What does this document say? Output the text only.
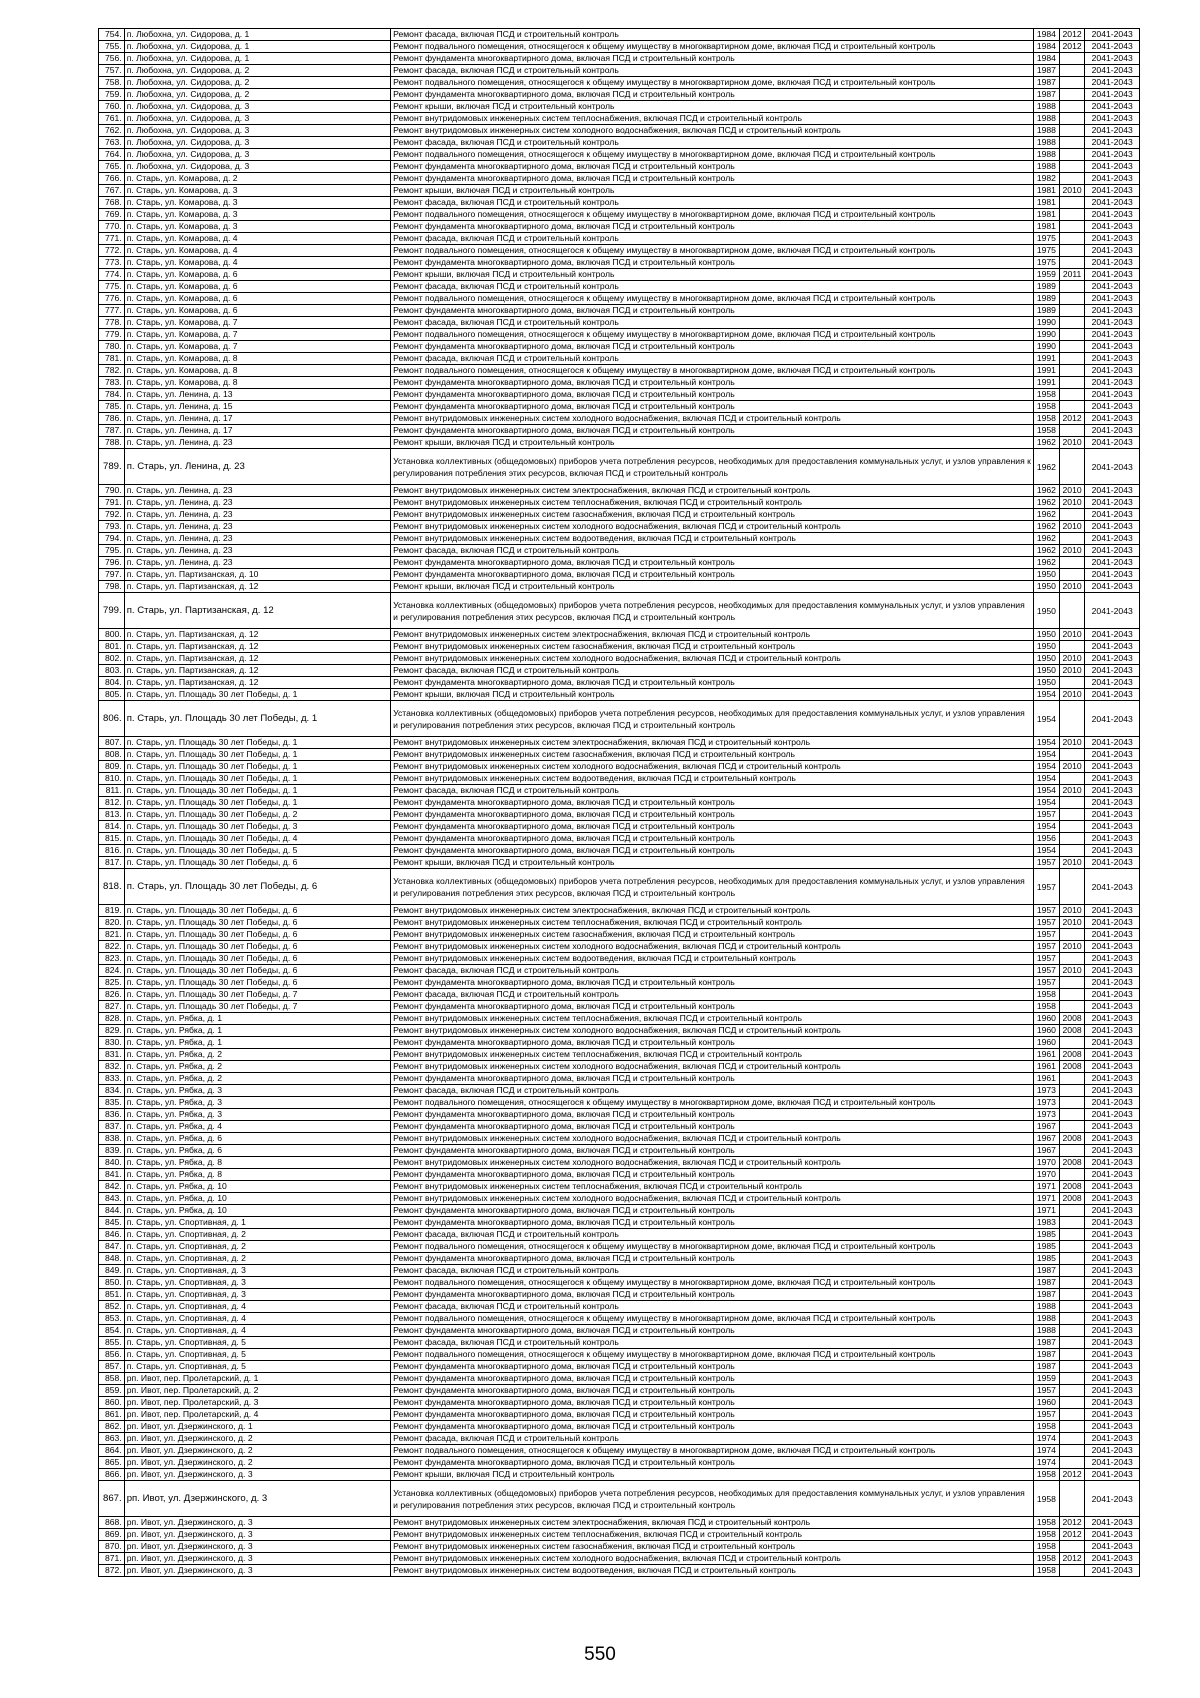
754.	п. Любохна, ул. Сидорова, д. 1	Ремонт фасада, включая ПСД и строительный контроль	1984	2012	2041-2043
755.	п. Любохна, ул. Сидорова, д. 1	Ремонт подвального помещения, относящегося к общему имуществу в многоквартирном доме, включая ПСД и строительный контроль	1984	2012	2041-2043
756.	п. Любохна, ул. Сидорова, д. 1	Ремонт фундамента многоквартирного дома, включая ПСД и строительный контроль	1984		2041-2043
757.	п. Любохна, ул. Сидорова, д. 2	Ремонт фасада, включая ПСД и строительный контроль	1987		2041-2043
758.	п. Любохна, ул. Сидорова, д. 2	Ремонт подвального помещения, относящегося к общему имуществу в многоквартирном доме, включая ПСД и строительный контроль	1987		2041-2043
759.	п. Любохна, ул. Сидорова, д. 2	Ремонт фундамента многоквартирного дома, включая ПСД и строительный контроль	1987		2041-2043
760.	п. Любохна, ул. Сидорова, д. 3	Ремонт крыши, включая ПСД и строительный контроль	1988		2041-2043
761.	п. Любохна, ул. Сидорова, д. 3	Ремонт внутридомовых инженерных систем теплоснабжения, включая ПСД и строительный контроль	1988		2041-2043
762.	п. Любохна, ул. Сидорова, д. 3	Ремонт внутридомовых инженерных систем холодного водоснабжения, включая ПСД и строительный контроль	1988		2041-2043
763.	п. Любохна, ул. Сидорова, д. 3	Ремонт фасада, включая ПСД и строительный контроль	1988		2041-2043
764.	п. Любохна, ул. Сидорова, д. 3	Ремонт подвального помещения, относящегося к общему имуществу в многоквартирном доме, включая ПСД и строительный контроль	1988		2041-2043
765.	п. Любохна, ул. Сидорова, д. 3	Ремонт фундамента многоквартирного дома, включая ПСД и строительный контроль	1988		2041-2043
766.	п. Старь, ул. Комарова, д. 2	Ремонт фундамента многоквартирного дома, включая ПСД и строительный контроль	1982		2041-2043
767.	п. Старь, ул. Комарова, д. 3	Ремонт крыши, включая ПСД и строительный контроль	1981	2010	2041-2043
768.	п. Старь, ул. Комарова, д. 3	Ремонт фасада, включая ПСД и строительный контроль	1981		2041-2043
769.	п. Старь, ул. Комарова, д. 3	Ремонт подвального помещения, относящегося к общему имуществу в многоквартирном доме, включая ПСД и строительный контроль	1981		2041-2043
770.	п. Старь, ул. Комарова, д. 3	Ремонт фундамента многоквартирного дома, включая ПСД и строительный контроль	1981		2041-2043
771.	п. Старь, ул. Комарова, д. 4	Ремонт фасада, включая ПСД и строительный контроль	1975		2041-2043
772.	п. Старь, ул. Комарова, д. 4	Ремонт подвального помещения, относящегося к общему имуществу в многоквартирном доме, включая ПСД и строительный контроль	1975		2041-2043
773.	п. Старь, ул. Комарова, д. 4	Ремонт фундамента многоквартирного дома, включая ПСД и строительный контроль	1975		2041-2043
774.	п. Старь, ул. Комарова, д. 6	Ремонт крыши, включая ПСД и строительный контроль	1959	2011	2041-2043
775.	п. Старь, ул. Комарова, д. 6	Ремонт фасада, включая ПСД и строительный контроль	1989		2041-2043
776.	п. Старь, ул. Комарова, д. 6	Ремонт подвального помещения, относящегося к общему имуществу в многоквартирном доме, включая ПСД и строительный контроль	1989		2041-2043
777.	п. Старь, ул. Комарова, д. 6	Ремонт фундамента многоквартирного дома, включая ПСД и строительный контроль	1989		2041-2043
778.	п. Старь, ул. Комарова, д. 7	Ремонт фасада, включая ПСД и строительный контроль	1990		2041-2043
779.	п. Старь, ул. Комарова, д. 7	Ремонт подвального помещения, относящегося к общему имуществу в многоквартирном доме, включая ПСД и строительный контроль	1990		2041-2043
780.	п. Старь, ул. Комарова, д. 7	Ремонт фундамента многоквартирного дома, включая ПСД и строительный контроль	1990		2041-2043
781.	п. Старь, ул. Комарова, д. 8	Ремонт фасада, включая ПСД и строительный контроль	1991		2041-2043
782.	п. Старь, ул. Комарова, д. 8	Ремонт подвального помещения, относящегося к общему имуществу в многоквартирном доме, включая ПСД и строительный контроль	1991		2041-2043
783.	п. Старь, ул. Комарова, д. 8	Ремонт фундамента многоквартирного дома, включая ПСД и строительный контроль	1991		2041-2043
784.	п. Старь, ул. Ленина, д. 13	Ремонт фундамента многоквартирного дома, включая ПСД и строительный контроль	1958		2041-2043
785.	п. Старь, ул. Ленина, д. 15	Ремонт фундамента многоквартирного дома, включая ПСД и строительный контроль	1958		2041-2043
786.	п. Старь, ул. Ленина, д. 17	Ремонт внутридомовых инженерных систем холодного водоснабжения, включая ПСД и строительный контроль	1958	2012	2041-2043
787.	п. Старь, ул. Ленина, д. 17	Ремонт фундамента многоквартирного дома, включая ПСД и строительный контроль	1958		2041-2043
788.	п. Старь, ул. Ленина, д. 23	Ремонт крыши, включая ПСД и строительный контроль	1962	2010	2041-2043
789.	п. Старь, ул. Ленина, д. 23	Установка коллективных (общедомовых) приборов учета потребления ресурсов, необходимых для предоставления коммунальных услуг, и узлов управления к регулирования потребления этих ресурсов, включая ПСД и строительный контроль	1962		2041-2043
790.	п. Старь, ул. Ленина, д. 23	Ремонт внутридомовых инженерных систем электроснабжения, включая ПСД и строительный контроль	1962	2010	2041-2043
791.	п. Старь, ул. Ленина, д. 23	Ремонт внутридомовых инженерных систем теплоснабжения, включая ПСД и строительный контроль	1962	2010	2041-2043
792.	п. Старь, ул. Ленина, д. 23	Ремонт внутридомовых инженерных систем газоснабжения, включая ПСД и строительный контроль	1962		2041-2043
793.	п. Старь, ул. Ленина, д. 23	Ремонт внутридомовых инженерных систем холодного водоснабжения, включая ПСД и строительный контроль	1962	2010	2041-2043
794.	п. Старь, ул. Ленина, д. 23	Ремонт внутридомовых инженерных систем водоотведения, включая ПСД и строительный контроль	1962		2041-2043
795.	п. Старь, ул. Ленина, д. 23	Ремонт фасада, включая ПСД и строительный контроль	1962	2010	2041-2043
796.	п. Старь, ул. Ленина, д. 23	Ремонт фундамента многоквартирного дома, включая ПСД и строительный контроль	1962		2041-2043
797.	п. Старь, ул. Партизанская, д. 10	Ремонт фундамента многоквартирного дома, включая ПСД и строительный контроль	1950		2041-2043
798.	п. Старь, ул. Партизанская, д. 12	Ремонт крыши, включая ПСД и строительный контроль	1950	2010	2041-2043
799.	п. Старь, ул. Партизанская, д. 12	Установка коллективных (общедомовых) приборов учета потребления ресурсов, необходимых для предоставления коммунальных услуг, и узлов управления и регулирования потребления этих ресурсов, включая ПСД и строительный контроль	1950		2041-2043
800.	п. Старь, ул. Партизанская, д. 12	Ремонт внутридомовых инженерных систем электроснабжения, включая ПСД и строительный контроль	1950	2010	2041-2043
801.	п. Старь, ул. Партизанская, д. 12	Ремонт внутридомовых инженерных систем газоснабжения, включая ПСД и строительный контроль	1950		2041-2043
802.	п. Старь, ул. Партизанская, д. 12	Ремонт внутридомовых инженерных систем холодного водоснабжения, включая ПСД и строительный контроль	1950	2010	2041-2043
803.	п. Старь, ул. Партизанская, д. 12	Ремонт фасада, включая ПСД и строительный контроль	1950	2010	2041-2043
804.	п. Старь, ул. Партизанская, д. 12	Ремонт фундамента многоквартирного дома, включая ПСД и строительный контроль	1950		2041-2043
805.	п. Старь, ул. Площадь 30 лет Победы, д. 1	Ремонт крыши, включая ПСД и строительный контроль	1954	2010	2041-2043
806.	п. Старь, ул. Площадь 30 лет Победы, д. 1	Установка коллективных (общедомовых) приборов учета потребления ресурсов, необходимых для предоставления коммунальных услуг, и узлов управления и регулирования потребления этих ресурсов, включая ПСД и строительный контроль	1954		2041-2043
807.	п. Старь, ул. Площадь 30 лет Победы, д. 1	Ремонт внутридомовых инженерных систем электроснабжения, включая ПСД и строительный контроль	1954	2010	2041-2043
808.	п. Старь, ул. Площадь 30 лет Победы, д. 1	Ремонт внутридомовых инженерных систем газоснабжения, включая ПСД и строительный контроль	1954		2041-2043
809.	п. Старь, ул. Площадь 30 лет Победы, д. 1	Ремонт внутридомовых инженерных систем холодного водоснабжения, включая ПСД и строительный контроль	1954	2010	2041-2043
810.	п. Старь, ул. Площадь 30 лет Победы, д. 1	Ремонт внутридомовых инженерных систем водоотведения, включая ПСД и строительный контроль	1954		2041-2043
811.	п. Старь, ул. Площадь 30 лет Победы, д. 1	Ремонт фасада, включая ПСД и строительный контроль	1954	2010	2041-2043
812.	п. Старь, ул. Площадь 30 лет Победы, д. 1	Ремонт фундамента многоквартирного дома, включая ПСД и строительный контроль	1954		2041-2043
813.	п. Старь, ул. Площадь 30 лет Победы, д. 2	Ремонт фундамента многоквартирного дома, включая ПСД и строительный контроль	1957		2041-2043
814.	п. Старь, ул. Площадь 30 лет Победы, д. 3	Ремонт фундамента многоквартирного дома, включая ПСД и строительный контроль	1954		2041-2043
815.	п. Старь, ул. Площадь 30 лет Победы, д. 4	Ремонт фундамента многоквартирного дома, включая ПСД и строительный контроль	1956		2041-2043
816.	п. Старь, ул. Площадь 30 лет Победы, д. 5	Ремонт фундамента многоквартирного дома, включая ПСД и строительный контроль	1954		2041-2043
817.	п. Старь, ул. Площадь 30 лет Победы, д. 6	Ремонт крыши, включая ПСД и строительный контроль	1957	2010	2041-2043
818.	п. Старь, ул. Площадь 30 лет Победы, д. 6	Установка коллективных (общедомовых) приборов учета потребления ресурсов, необходимых для предоставления коммунальных услуг, и узлов управления и регулирования потребления этих ресурсов, включая ПСД и строительный контроль	1957		2041-2043
819.	п. Старь, ул. Площадь 30 лет Победы, д. 6	Ремонт внутридомовых инженерных систем электроснабжения, включая ПСД и строительный контроль	1957	2010	2041-2043
820.	п. Старь, ул. Площадь 30 лет Победы, д. 6	Ремонт внутридомовых инженерных систем теплоснабжения, включая ПСД и строительный контроль	1957	2010	2041-2043
821.	п. Старь, ул. Площадь 30 лет Победы, д. 6	Ремонт внутридомовых инженерных систем газоснабжения, включая ПСД и строительный контроль	1957		2041-2043
822.	п. Старь, ул. Площадь 30 лет Победы, д. 6	Ремонт внутридомовых инженерных систем холодного водоснабжения, включая ПСД и строительный контроль	1957	2010	2041-2043
823.	п. Старь, ул. Площадь 30 лет Победы, д. 6	Ремонт внутридомовых инженерных систем водоотведения, включая ПСД и строительный контроль	1957		2041-2043
824.	п. Старь, ул. Площадь 30 лет Победы, д. 6	Ремонт фасада, включая ПСД и строительный контроль	1957	2010	2041-2043
825.	п. Старь, ул. Площадь 30 лет Победы, д. 6	Ремонт фундамента многоквартирного дома, включая ПСД и строительный контроль	1957		2041-2043
826.	п. Старь, ул. Площадь 30 лет Победы, д. 7	Ремонт фасада, включая ПСД и строительный контроль	1958		2041-2043
827.	п. Старь, ул. Площадь 30 лет Победы, д. 7	Ремонт фундамента многоквартирного дома, включая ПСД и строительный контроль	1958		2041-2043
828.	п. Старь, ул. Рябка, д. 1	Ремонт внутридомовых инженерных систем теплоснабжения, включая ПСД и строительный контроль	1960	2008	2041-2043
829.	п. Старь, ул. Рябка, д. 1	Ремонт внутридомовых инженерных систем холодного водоснабжения, включая ПСД и строительный контроль	1960	2008	2041-2043
830.	п. Старь, ул. Рябка, д. 1	Ремонт фундамента многоквартирного дома, включая ПСД и строительный контроль	1960		2041-2043
831.	п. Старь, ул. Рябка, д. 2	Ремонт внутридомовых инженерных систем теплоснабжения, включая ПСД и строительный контроль	1961	2008	2041-2043
832.	п. Старь, ул. Рябка, д. 2	Ремонт внутридомовых инженерных систем холодного водоснабжения, включая ПСД и строительный контроль	1961	2008	2041-2043
833.	п. Старь, ул. Рябка, д. 2	Ремонт фундамента многоквартирного дома, включая ПСД и строительный контроль	1961		2041-2043
834.	п. Старь, ул. Рябка, д. 3	Ремонт фасада, включая ПСД и строительный контроль	1973		2041-2043
835.	п. Старь, ул. Рябка, д. 3	Ремонт подвального помещения, относящегося к общему имуществу в многоквартирном доме, включая ПСД и строительный контроль	1973		2041-2043
836.	п. Старь, ул. Рябка, д. 3	Ремонт фундамента многоквартирного дома, включая ПСД и строительный контроль	1973		2041-2043
837.	п. Старь, ул. Рябка, д. 4	Ремонт фундамента многоквартирного дома, включая ПСД и строительный контроль	1967		2041-2043
838.	п. Старь, ул. Рябка, д. 6	Ремонт внутридомовых инженерных систем холодного водоснабжения, включая ПСД и строительный контроль	1967	2008	2041-2043
839.	п. Старь, ул. Рябка, д. 6	Ремонт фундамента многоквартирного дома, включая ПСД и строительный контроль	1967		2041-2043
840.	п. Старь, ул. Рябка, д. 8	Ремонт внутридомовых инженерных систем холодного водоснабжения, включая ПСД и строительный контроль	1970	2008	2041-2043
841.	п. Старь, ул. Рябка, д. 8	Ремонт фундамента многоквартирного дома, включая ПСД и строительный контроль	1970		2041-2043
842.	п. Старь, ул. Рябка, д. 10	Ремонт внутридомовых инженерных систем теплоснабжения, включая ПСД и строительный контроль	1971	2008	2041-2043
843.	п. Старь, ул. Рябка, д. 10	Ремонт внутридомовых инженерных систем холодного водоснабжения, включая ПСД и строительный контроль	1971	2008	2041-2043
844.	п. Старь, ул. Рябка, д. 10	Ремонт фундамента многоквартирного дома, включая ПСД и строительный контроль	1971		2041-2043
845.	п. Старь, ул. Спортивная, д. 1	Ремонт фундамента многоквартирного дома, включая ПСД и строительный контроль	1983		2041-2043
846.	п. Старь, ул. Спортивная, д. 2	Ремонт фасада, включая ПСД и строительный контроль	1985		2041-2043
847.	п. Старь, ул. Спортивная, д. 2	Ремонт подвального помещения, относящегося к общему имуществу в многоквартирном доме, включая ПСД и строительный контроль	1985		2041-2043
848.	п. Старь, ул. Спортивная, д. 2	Ремонт фундамента многоквартирного дома, включая ПСД и строительный контроль	1985		2041-2043
849.	п. Старь, ул. Спортивная, д. 3	Ремонт фасада, включая ПСД и строительный контроль	1987		2041-2043
850.	п. Старь, ул. Спортивная, д. 3	Ремонт подвального помещения, относящегося к общему имуществу в многоквартирном доме, включая ПСД и строительный контроль	1987		2041-2043
851.	п. Старь, ул. Спортивная, д. 3	Ремонт фундамента многоквартирного дома, включая ПСД и строительный контроль	1987		2041-2043
852.	п. Старь, ул. Спортивная, д. 4	Ремонт фасада, включая ПСД и строительный контроль	1988		2041-2043
853.	п. Старь, ул. Спортивная, д. 4	Ремонт подвального помещения, относящегося к общему имуществу в многоквартирном доме, включая ПСД и строительный контроль	1988		2041-2043
854.	п. Старь, ул. Спортивная, д. 4	Ремонт фундамента многоквартирного дома, включая ПСД и строительный контроль	1988		2041-2043
855.	п. Старь, ул. Спортивная, д. 5	Ремонт фасада, включая ПСД и строительный контроль	1987		2041-2043
856.	п. Старь, ул. Спортивная, д. 5	Ремонт подвального помещения, относящегося к общему имуществу в многоквартирном доме, включая ПСД и строительный контроль	1987		2041-2043
857.	п. Старь, ул. Спортивная, д. 5	Ремонт фундамента многоквартирного дома, включая ПСД и строительный контроль	1987		2041-2043
858.	рп. Ивот, пер. Пролетарский, д. 1	Ремонт фундамента многоквартирного дома, включая ПСД и строительный контроль	1959		2041-2043
859.	рп. Ивот, пер. Пролетарский, д. 2	Ремонт фундамента многоквартирного дома, включая ПСД и строительный контроль	1957		2041-2043
860.	рп. Ивот, пер. Пролетарский, д. 3	Ремонт фундамента многоквартирного дома, включая ПСД и строительный контроль	1960		2041-2043
861.	рп. Ивот, пер. Пролетарский, д. 4	Ремонт фундамента многоквартирного дома, включая ПСД и строительный контроль	1957		2041-2043
862.	рп. Ивот, ул. Дзержинского, д. 1	Ремонт фундамента многоквартирного дома, включая ПСД и строительный контроль	1958		2041-2043
863.	рп. Ивот, ул. Дзержинского, д. 2	Ремонт фасада, включая ПСД и строительный контроль	1974		2041-2043
864.	рп. Ивот, ул. Дзержинского, д. 2	Ремонт подвального помещения, относящегося к общему имуществу в многоквартирном доме, включая ПСД и строительный контроль	1974		2041-2043
865.	рп. Ивот, ул. Дзержинского, д. 2	Ремонт фундамента многоквартирного дома, включая ПСД и строительный контроль	1974		2041-2043
866.	рп. Ивот, ул. Дзержинского, д. 3	Ремонт крыши, включая ПСД и строительный контроль	1958	2012	2041-2043
867.	рп. Ивот, ул. Дзержинского, д. 3	Установка коллективных (общедомовых) приборов учета потребления ресурсов, необходимых для предоставления коммунальных услуг, и узлов управления и регулирования потребления этих ресурсов, включая ПСД и строительный контроль	1958		2041-2043
868.	рп. Ивот, ул. Дзержинского, д. 3	Ремонт внутридомовых инженерных систем электроснабжения, включая ПСД и строительный контроль	1958	2012	2041-2043
869.	рп. Ивот, ул. Дзержинского, д. 3	Ремонт внутридомовых инженерных систем теплоснабжения, включая ПСД и строительный контроль	1958	2012	2041-2043
870.	рп. Ивот, ул. Дзержинского, д. 3	Ремонт внутридомовых инженерных систем газоснабжения, включая ПСД и строительный контроль	1958		2041-2043
871.	рп. Ивот, ул. Дзержинского, д. 3	Ремонт внутридомовых инженерных систем холодного водоснабжения, включая ПСД и строительный контроль	1958	2012	2041-2043
872.	рп. Ивот, ул. Дзержинского, д. 3	Ремонт внутридомовых инженерных систем водоотведения, включая ПСД и строительный контроль	1958		2041-2043
550
